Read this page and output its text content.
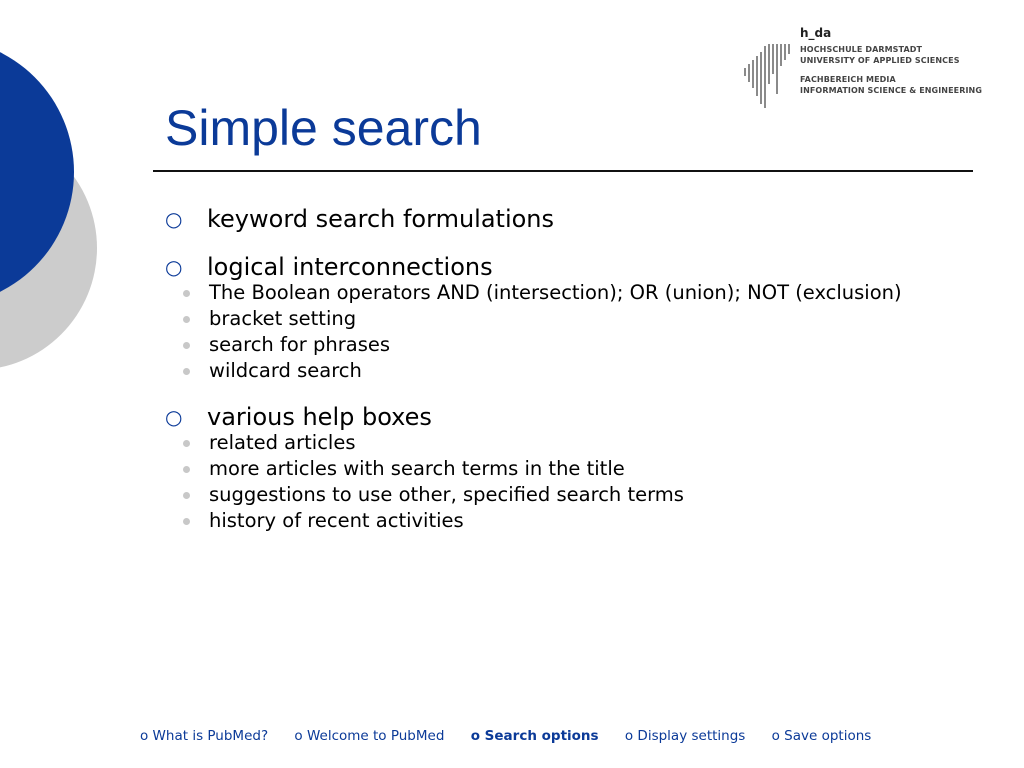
Simple search
h_da
HOCHSCHULE DARMSTADT
UNIVERSITY OF APPLIED SCIENCES
FACHBEREICH MEDIA
INFORMATION SCIENCE & ENGINEERING
○ keyword search formulations
○ logical interconnections
The Boolean operators AND (intersection); OR (union); NOT (exclusion)
bracket setting
search for phrases
wildcard search
○ various help boxes
related articles
more articles with search terms in the title
suggestions to use other, specified search terms
history of recent activities
o What is PubMed? o Welcome to PubMed o Search options o Display settings o Save options
